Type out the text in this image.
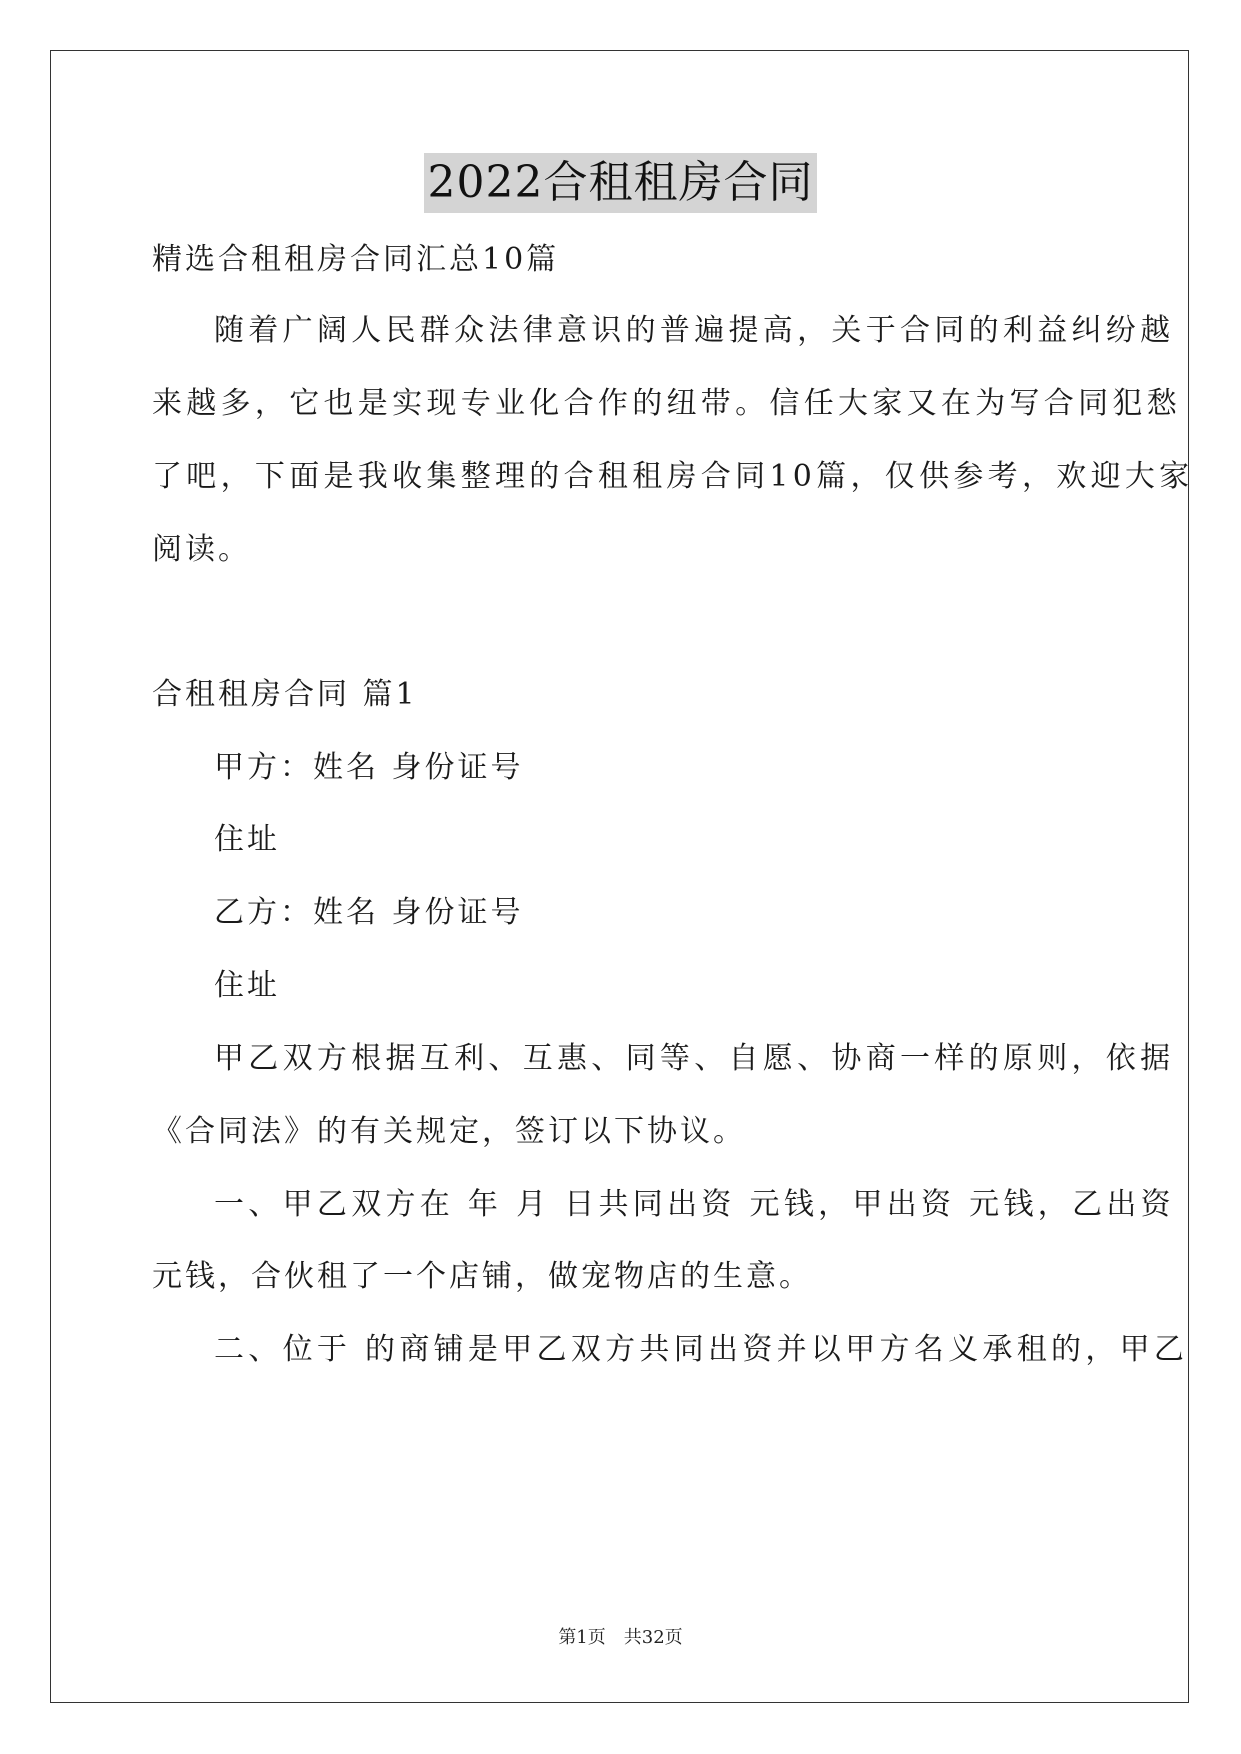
2022合租租房合同
精选合租租房合同汇总10篇
随着广阔人民群众法律意识的普遍提高，关于合同的利益纠纷越
来越多，它也是实现专业化合作的纽带。信任大家又在为写合同犯愁
了吧，下面是我收集整理的合租租房合同10篇，仅供参考，欢迎大家
阅读。
合租租房合同 篇1
甲方：姓名 身份证号
住址
乙方：姓名 身份证号
住址
甲乙双方根据互利、互惠、同等、自愿、协商一样的原则，依据
《合同法》的有关规定，签订以下协议。
一、甲乙双方在 年 月 日共同出资 元钱，甲出资 元钱，乙出资
元钱，合伙租了一个店铺，做宠物店的生意。
二、位于 的商铺是甲乙双方共同出资并以甲方名义承租的，甲乙
第1页　共32页
